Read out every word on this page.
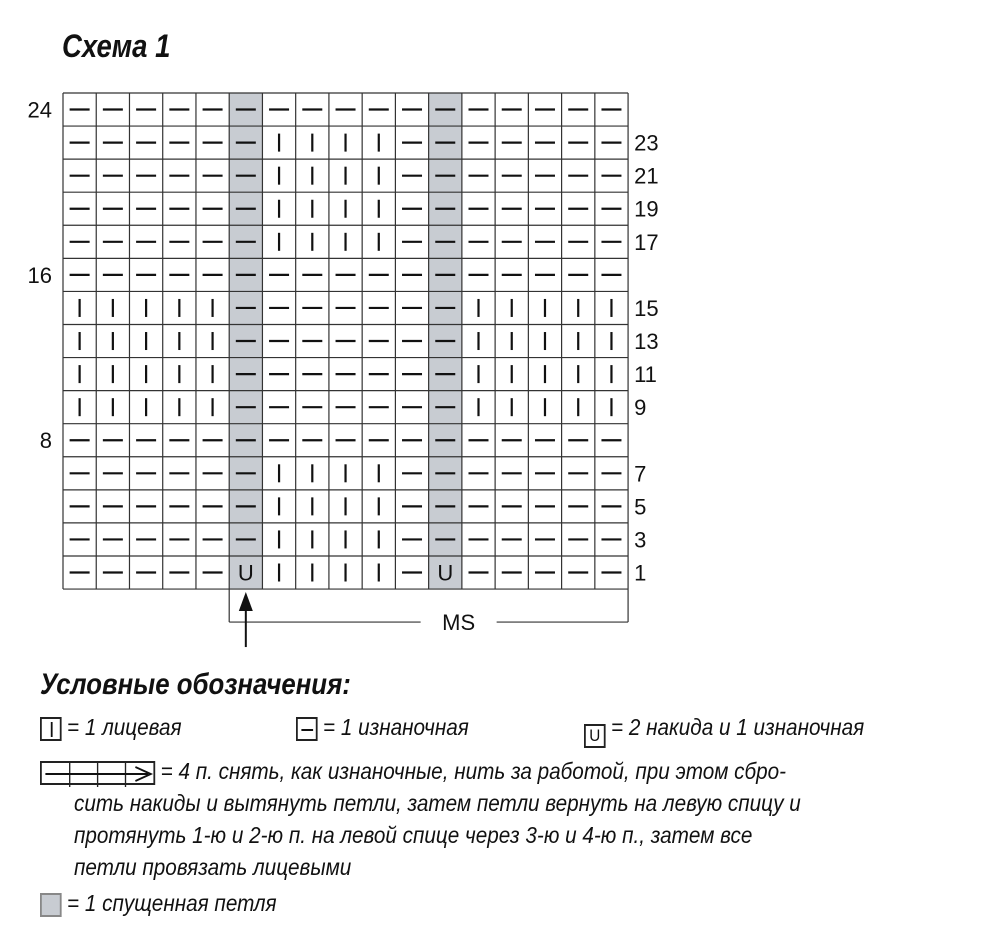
Схема 1
U	U
24
16
8
23
21
19
17
15
13
11
9
7
5
3
1
MS
Условные обозначения:
= 1 лицевая	= 1 изнаночная	U = 2 накида и 1 изнаночная
= 4 п. снять, как изнаночные, нить за работой, при этом сбро-
сить накиды и вытянуть петли, затем петли вернуть на левую спицу и
протянуть 1-ю и 2-ю п. на левой спице через 3-ю и 4-ю п., затем все
петли провязать лицевыми
= 1 спущенная петля
